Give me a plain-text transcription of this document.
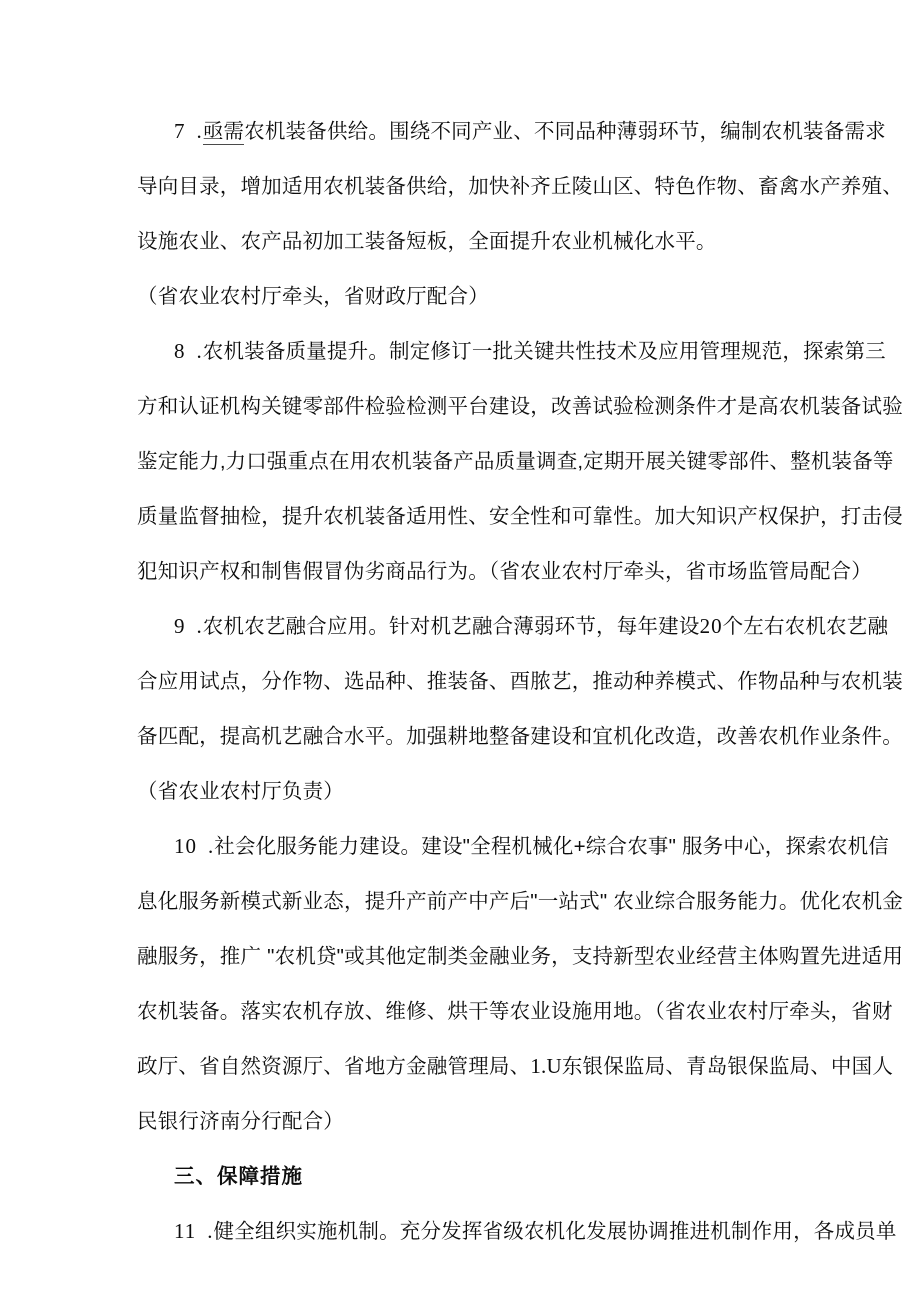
7 .亟需农机装备供给。围绕不同产业、不同品种薄弱环节，编制农机装备需求
导向目录，增加适用农机装备供给，加快补齐丘陵山区、特色作物、畜禽水产养殖、
设施农业、农产品初加工装备短板，全面提升农业机械化水平。
（省农业农村厅牵头，省财政厅配合）
8 .农机装备质量提升。制定修订一批关键共性技术及应用管理规范，探索第三
方和认证机构关键零部件检验检测平台建设，改善试验检测条件才是高农机装备试验
鉴定能力,力口强重点在用农机装备产品质量调查,定期开展关键零部件、整机装备等
质量监督抽检，提升农机装备适用性、安全性和可靠性。加大知识产权保护，打击侵
犯知识产权和制售假冒伪劣商品行为。（省农业农村厅牵头，省市场监管局配合）
9 .农机农艺融合应用。针对机艺融合薄弱环节，每年建设20个左右农机农艺融
合应用试点，分作物、选品种、推装备、酉脓艺，推动种养模式、作物品种与农机装
备匹配，提高机艺融合水平。加强耕地整备建设和宜机化改造，改善农机作业条件。
（省农业农村厅负责）
10 .社会化服务能力建设。建设"全程机械化+综合农事" 服务中心，探索农机信
息化服务新模式新业态，提升产前产中产后"一站式" 农业综合服务能力。优化农机金
融服务，推广 "农机贷"或其他定制类金融业务，支持新型农业经营主体购置先进适用
农机装备。落实农机存放、维修、烘干等农业设施用地。（省农业农村厅牵头，省财
政厅、省自然资源厅、省地方金融管理局、1.U东银保监局、青岛银保监局、中国人
民银行济南分行配合）
三、保障措施
11 .健全组织实施机制。充分发挥省级农机化发展协调推进机制作用，各成员单
